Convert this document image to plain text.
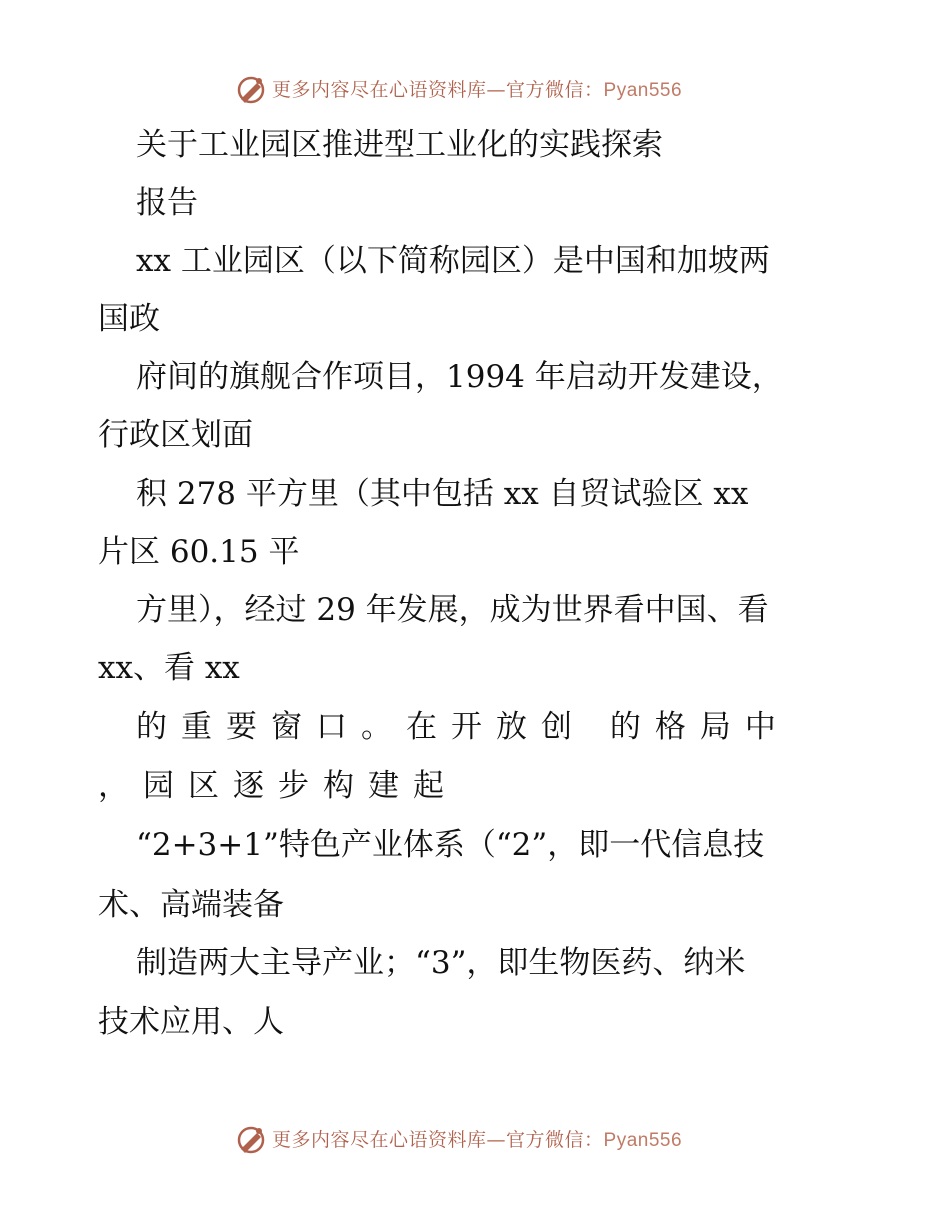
更多内容尽在心语资料库—官方微信：Pyan556
关于工业园区推进型工业化的实践探索
报告
xx 工业园区（以下简称园区）是中国和加坡两
国政
府间的旗舰合作项目，1994 年启动开发建设，
行政区划面
积 278 平方里（其中包括 xx 自贸试验区 xx
片区 60.15 平
方里），经过 29 年发展，成为世界看中国、看
xx、看 xx
的重要窗口。在开放创 的格局中
，园区逐步构建起
“2+3+1”特色产业体系（“2”，即一代信息技
术、高端装备
制造两大主导产业；“3”，即生物医药、纳米
技术应用、人
更多内容尽在心语资料库—官方微信：Pyan556
